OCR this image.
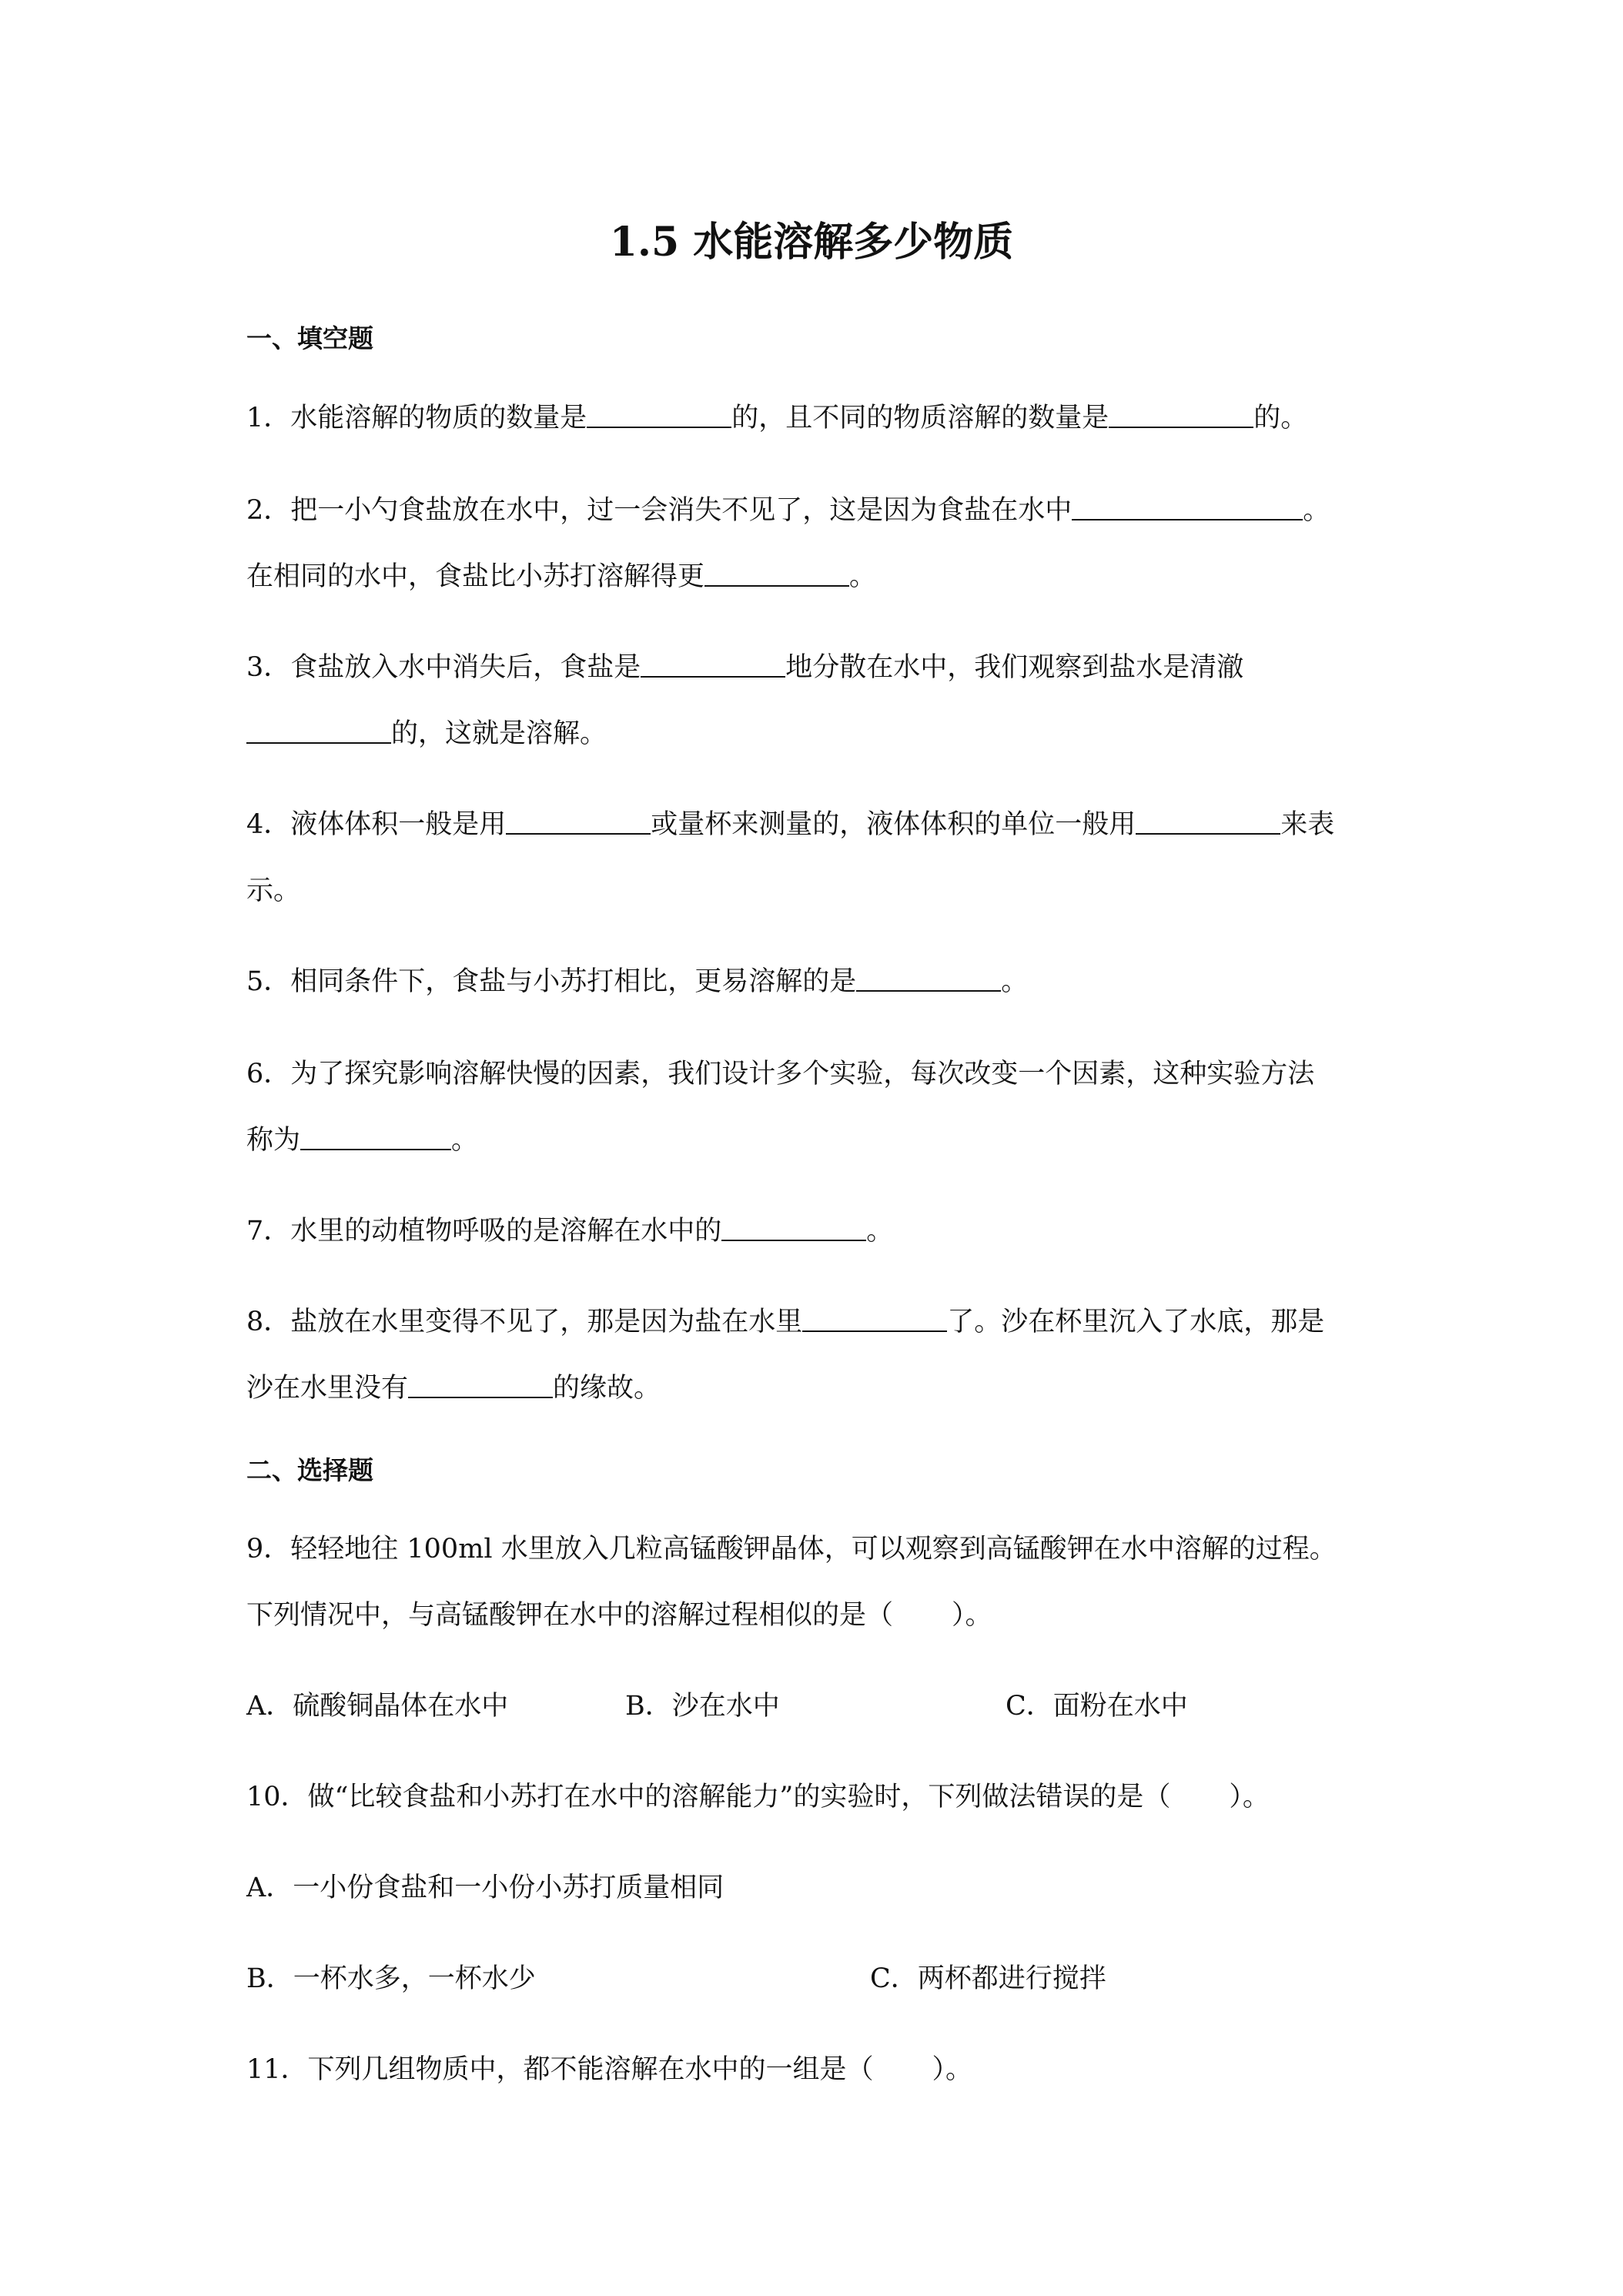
1.5 水能溶解多少物质
一、填空题
1．水能溶解的物质的数量是	的，且不同的物质溶解的数量是	的。
2．把一小勺食盐放在水中，过一会消失不见了，这是因为食盐在水中	。
在相同的水中，食盐比小苏打溶解得更	。
3．食盐放入水中消失后，食盐是	地分散在水中，我们观察到盐水是清澈
的，这就是溶解。
4．液体体积一般是用	或量杯来测量的，液体体积的单位一般用	来表
示。
5．相同条件下，食盐与小苏打相比，更易溶解的是	。
6．为了探究影响溶解快慢的因素，我们设计多个实验，每次改变一个因素，这种实验方法
称为	。
7．水里的动植物呼吸的是溶解在水中的	。
8．盐放在水里变得不见了，那是因为盐在水里	了。沙在杯里沉入了水底，那是
沙在水里没有	的缘故。
二、选择题
9．轻轻地往 100ml 水里放入几粒高锰酸钾晶体，可以观察到高锰酸钾在水中溶解的过程。
下列情况中，与高锰酸钾在水中的溶解过程相似的是（ ）。
A．硫酸铜晶体在水中	B．沙在水中	C．面粉在水中
10．做“比较食盐和小苏打在水中的溶解能力”的实验时，下列做法错误的是（ ）。
A．一小份食盐和一小份小苏打质量相同
B．一杯水多，一杯水少	C．两杯都进行搅拌
11．下列几组物质中，都不能溶解在水中的一组是（ ）。
